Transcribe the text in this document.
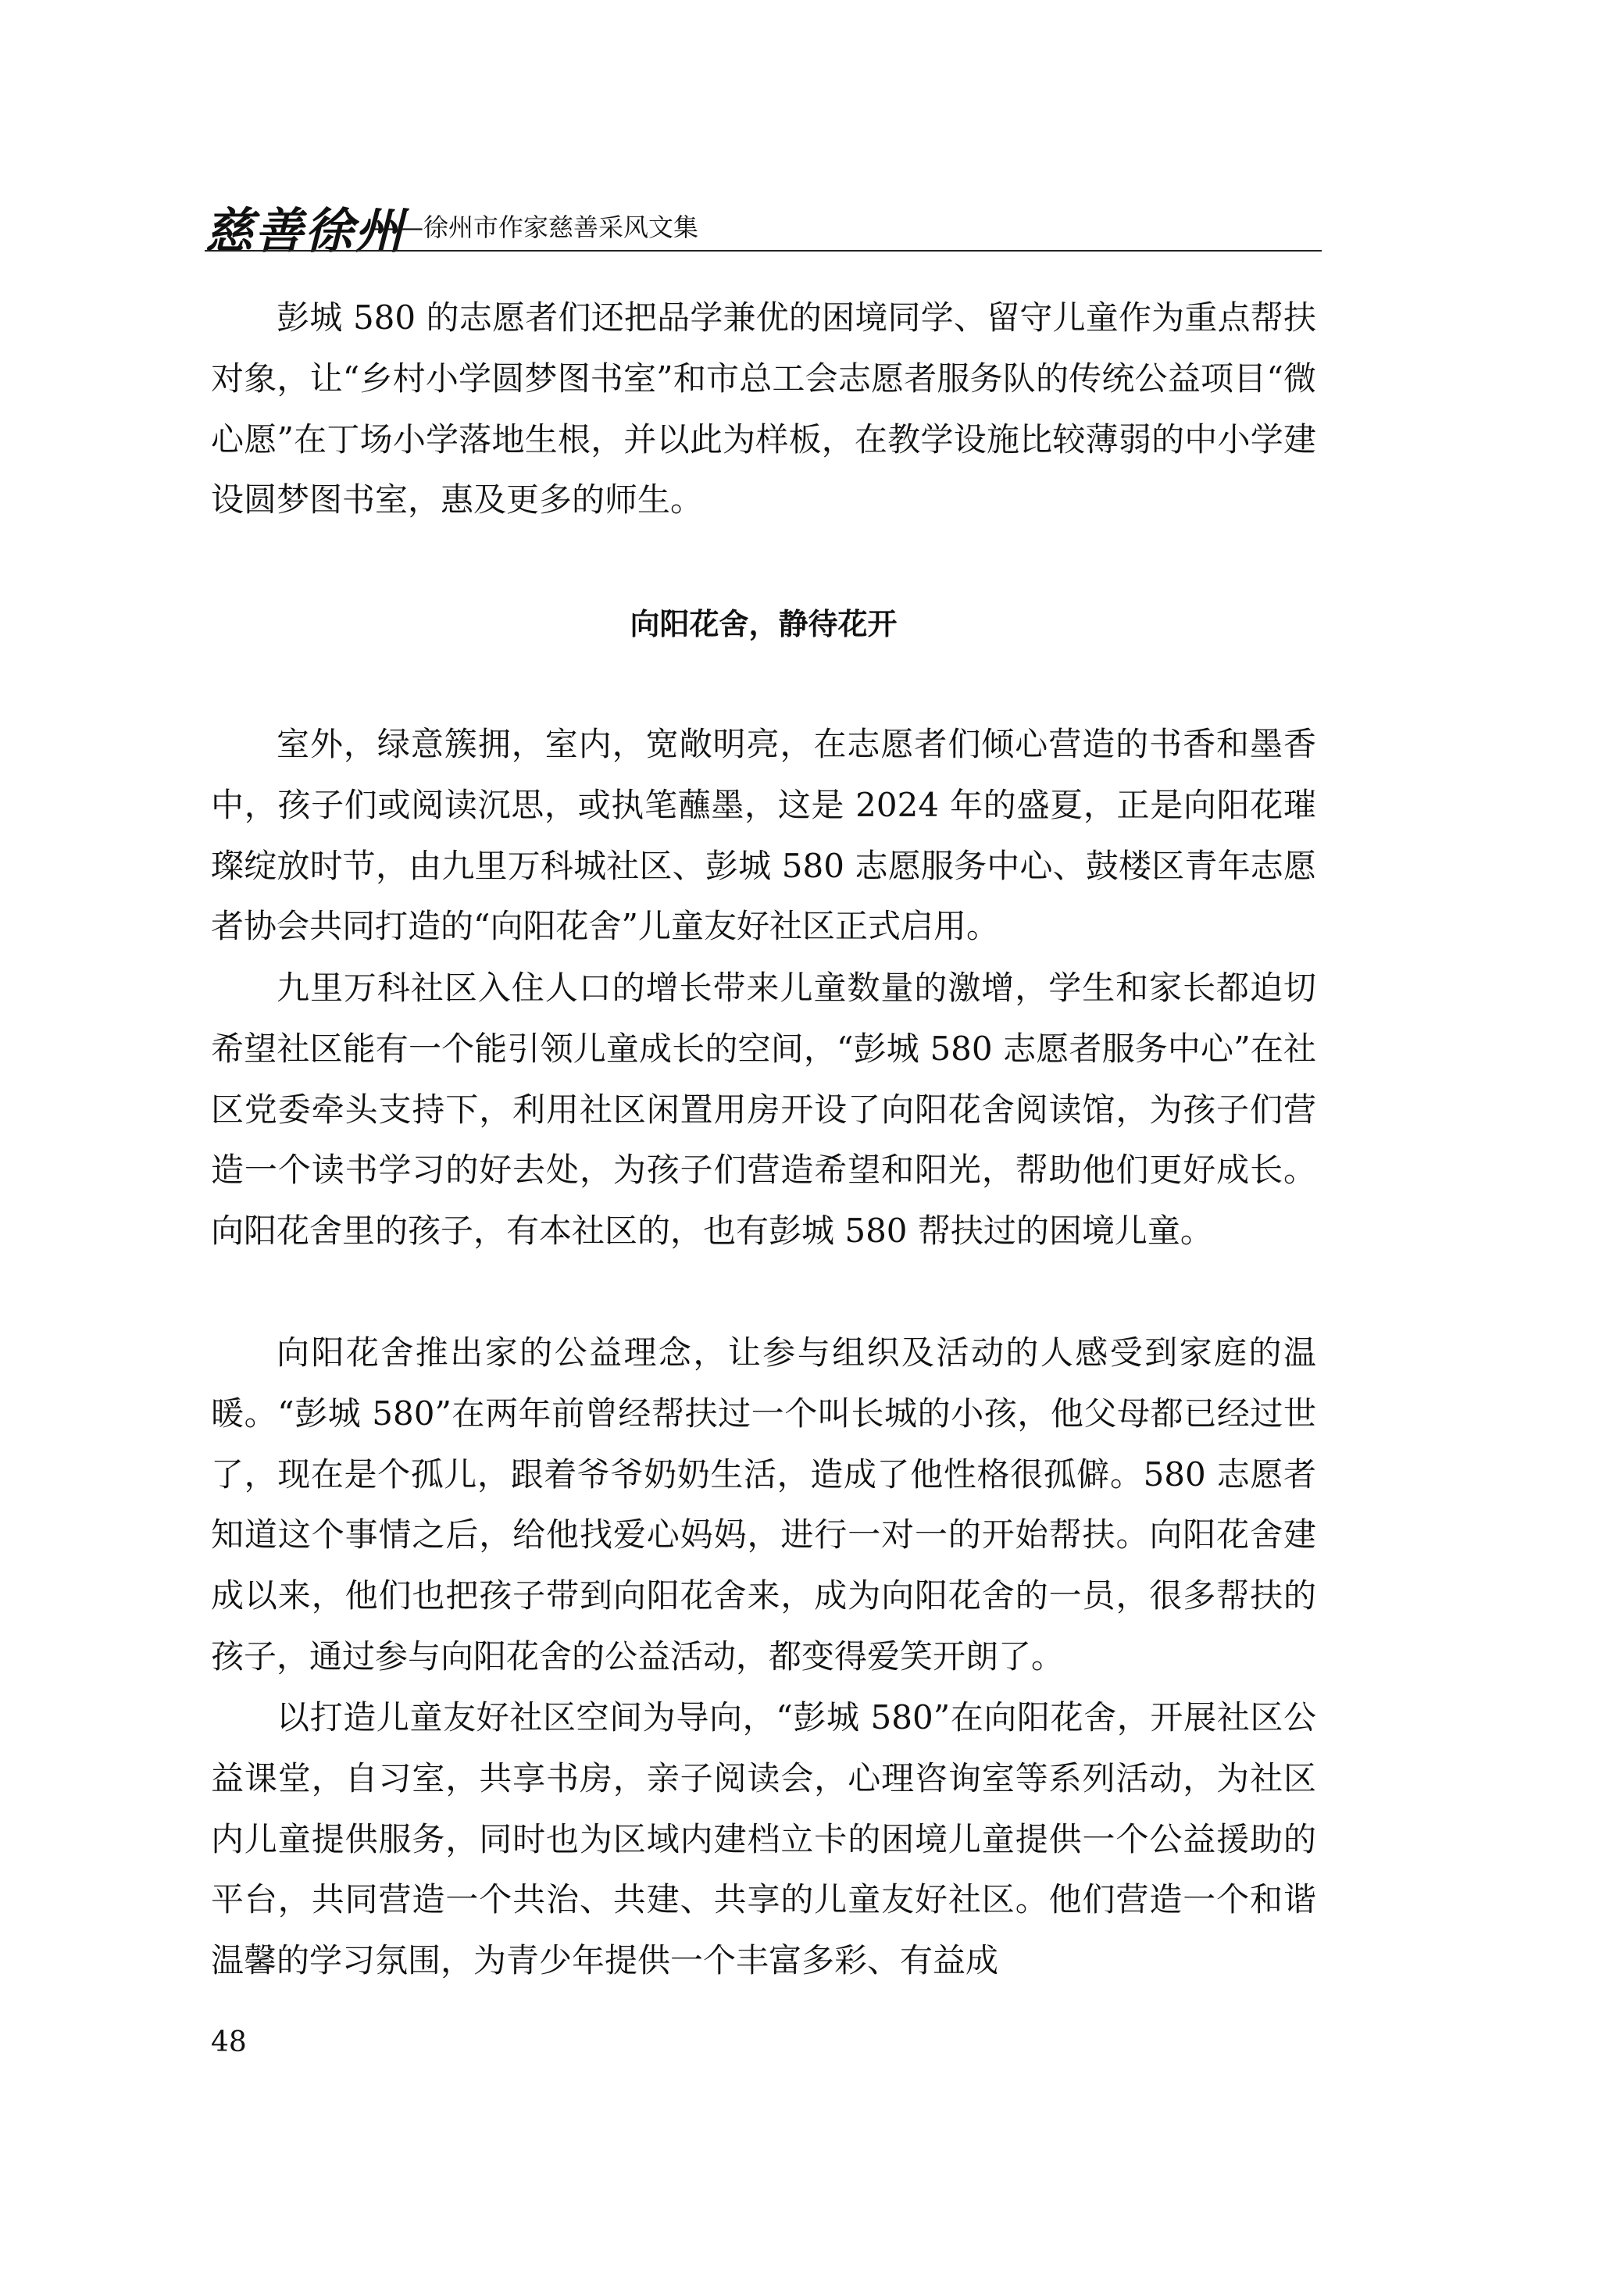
慈善徐州
——徐州市作家慈善采风文集

彭城 580 的志愿者们还把品学兼优的困境同学、留守儿童作为重点帮扶对象，让“乡村小学圆梦图书室”和市总工会志愿者服务队的传统公益项目“微心愿”在丁场小学落地生根，并以此为样板，在教学设施比较薄弱的中小学建设圆梦图书室，惠及更多的师生。

向阳花舍，静待花开

室外，绿意簇拥，室内，宽敞明亮，在志愿者们倾心营造的书香和墨香中，孩子们或阅读沉思，或执笔蘸墨，这是 2024 年的盛夏，正是向阳花璀璨绽放时节，由九里万科城社区、彭城 580 志愿服务中心、鼓楼区青年志愿者协会共同打造的“向阳花舍”儿童友好社区正式启用。

九里万科社区入住人口的增长带来儿童数量的激增，学生和家长都迫切希望社区能有一个能引领儿童成长的空间，“彭城 580 志愿者服务中心”在社区党委牵头支持下，利用社区闲置用房开设了向阳花舍阅读馆，为孩子们营造一个读书学习的好去处，为孩子们营造希望和阳光，帮助他们更好成长。向阳花舍里的孩子，有本社区的，也有彭城 580 帮扶过的困境儿童。

向阳花舍推出家的公益理念，让参与组织及活动的人感受到家庭的温暖。“彭城 580”在两年前曾经帮扶过一个叫长城的小孩，他父母都已经过世了，现在是个孤儿，跟着爷爷奶奶生活，造成了他性格很孤僻。580 志愿者知道这个事情之后，给他找爱心妈妈，进行一对一的开始帮扶。向阳花舍建成以来，他们也把孩子带到向阳花舍来，成为向阳花舍的一员，很多帮扶的孩子，通过参与向阳花舍的公益活动，都变得爱笑开朗了。

以打造儿童友好社区空间为导向，“彭城 580”在向阳花舍，开展社区公益课堂，自习室，共享书房，亲子阅读会，心理咨询室等系列活动，为社区内儿童提供服务，同时也为区域内建档立卡的困境儿童提供一个公益援助的平台，共同营造一个共治、共建、共享的儿童友好社区。他们营造一个和谐温馨的学习氛围，为青少年提供一个丰富多彩、有益成

48
